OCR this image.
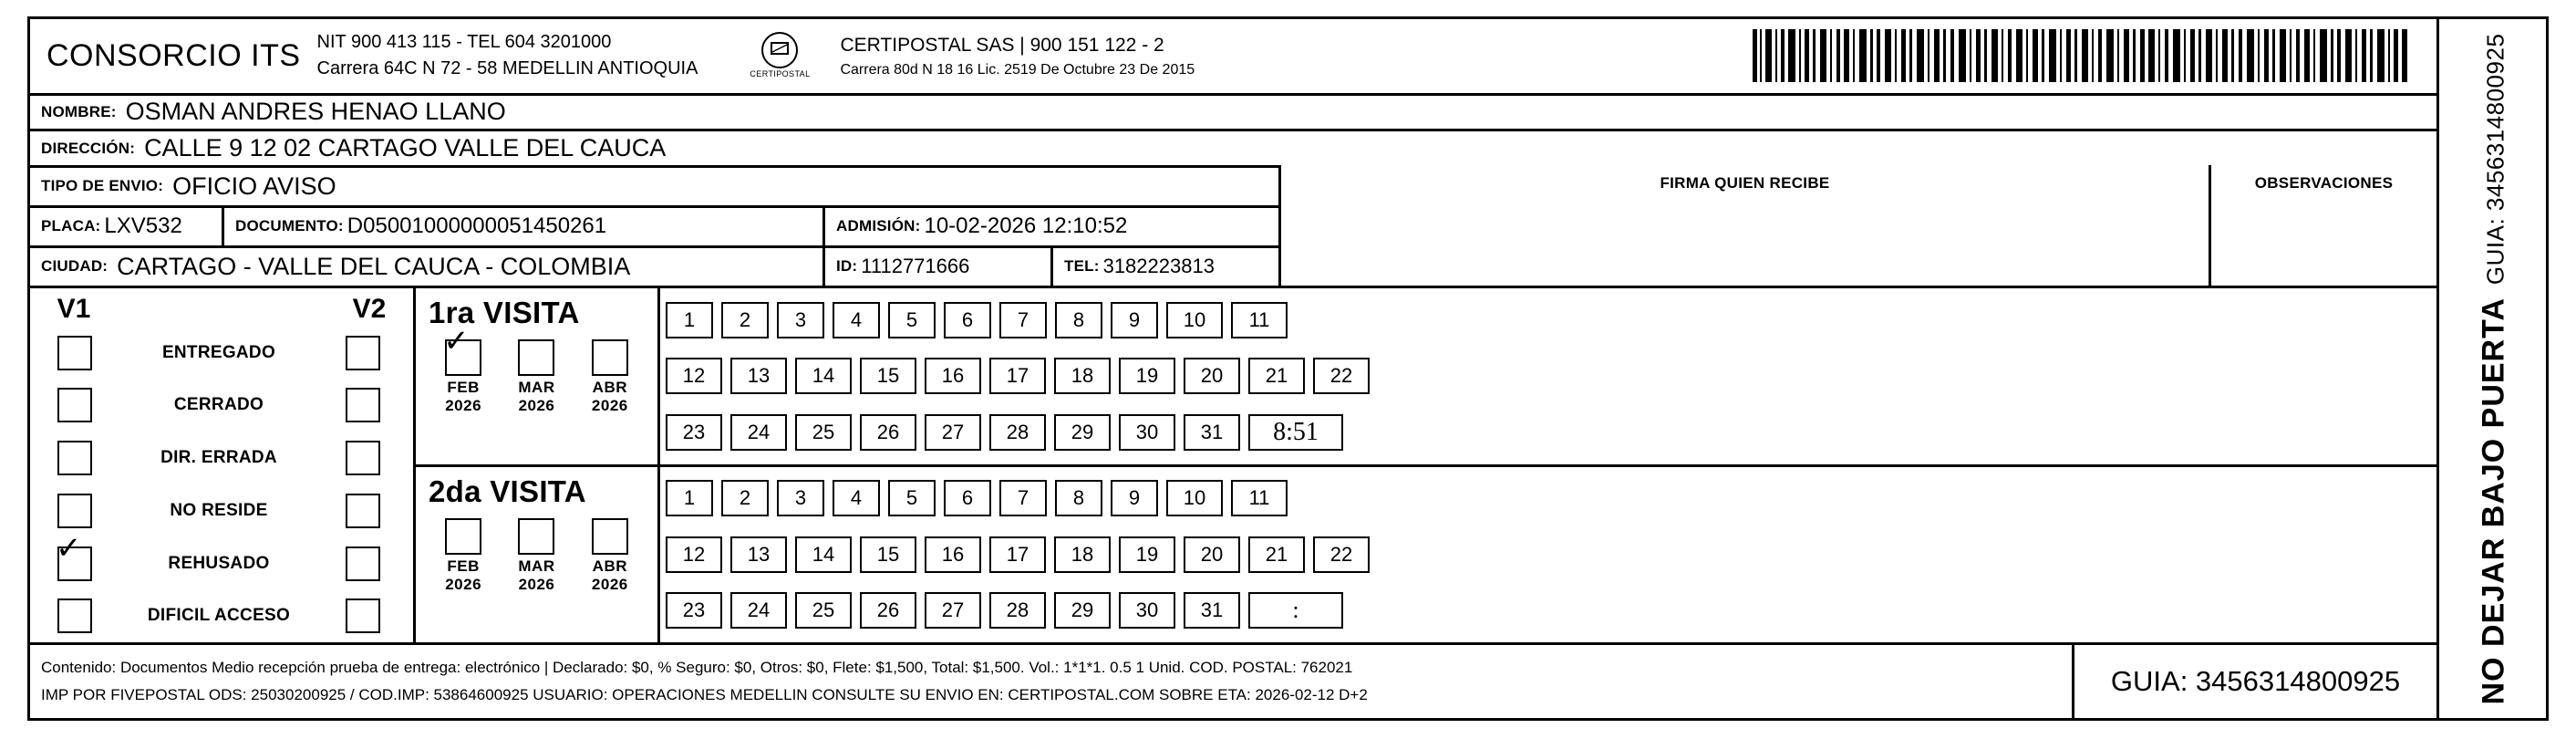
CONSORCIO ITS NIT 900 413 115 - TEL 604 3201000
Carrera 64C N 72 - 58 MEDELLIN ANTIOQUIA	CERTIPOSTAL
CERTIPOSTAL SAS | 900 151 122 - 2
Carrera 80d N 18 16 Lic. 2519 De Octubre 23 De 2015
NOMBRE: OSMAN ANDRES HENAO LLANO
DIRECCIÓN: CALLE 9 12 02 CARTAGO VALLE DEL CAUCA
TIPO DE ENVIO: OFICIO AVISO
PLACA: LXV532	DOCUMENTO: D05001000000051450261	ADMISIÓN: 10-02-2026 12:10:52
CIUDAD: CARTAGO - VALLE DEL CAUCA - COLOMBIA	ID: 1112771666	TEL: 3182223813
FIRMA QUIEN RECIBE	OBSERVACIONES
V1	V2
ENTREGADO
CERRADO
DIR. ERRADA
NO RESIDE
✓	REHUSADO
DIFICIL ACCESO
1ra VISITA
✓
FEB
2026
MAR
2026
ABR
2026
1	2	3	4	5	6	7	8	9	10	11
12	13	14	15	16	17	18	19	20	21	22
23	24	25	26	27	28	29	30	31	8:51
2da VISITA
FEB
2026
MAR
2026
ABR
2026
1	2	3	4	5	6	7	8	9	10	11
12	13	14	15	16	17	18	19	20	21	22
23	24	25	26	27	28	29	30	31	:
Contenido: Documentos Medio recepción prueba de entrega: electrónico | Declarado: $0, % Seguro: $0, Otros: $0, Flete: $1,500, Total: $1,500. Vol.: 1*1*1. 0.5 1 Unid. COD. POSTAL: 762021
IMP POR FIVEPOSTAL ODS: 25030200925 / COD.IMP: 53864600925 USUARIO: OPERACIONES MEDELLIN CONSULTE SU ENVIO EN: CERTIPOSTAL.COM SOBRE ETA: 2026-02-12 D+2	GUIA: 3456314800925	NO DEJAR BAJO PUERTA
GUIA: 3456314800925
